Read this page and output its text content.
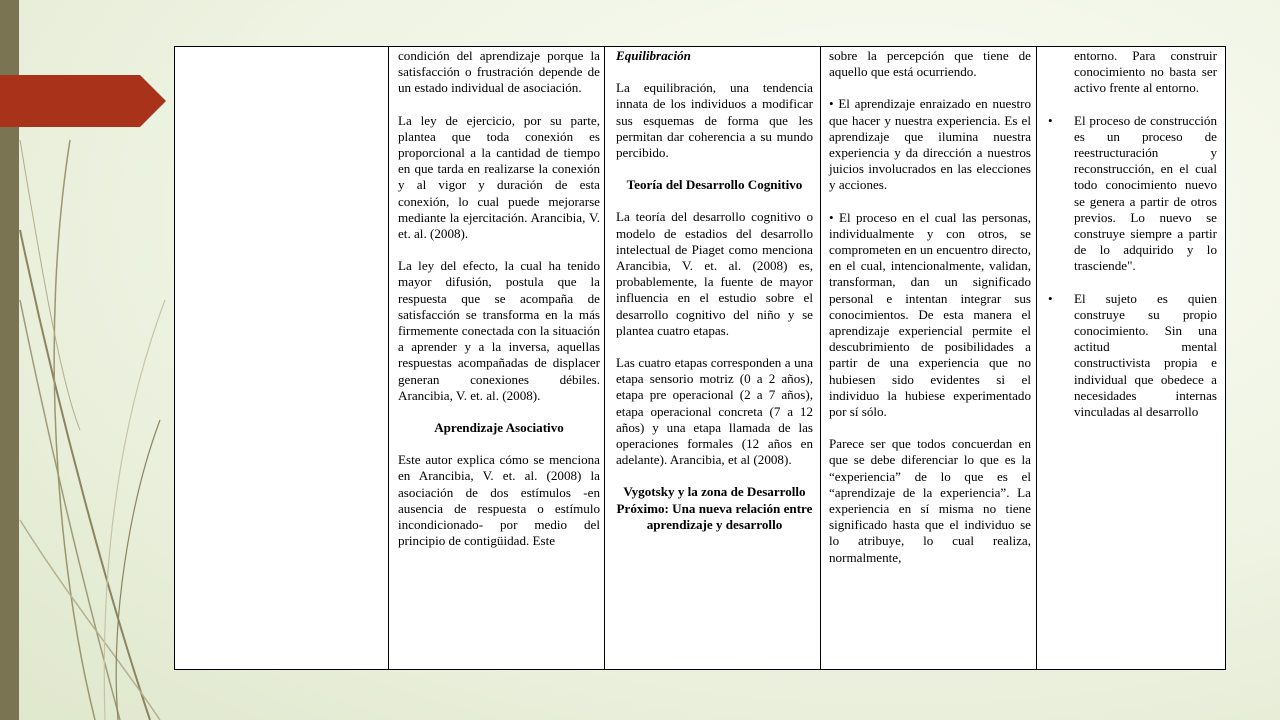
condición del aprendizaje porque la satisfacción o frustración depende de un estado individual de asociación.

La ley de ejercicio, por su parte, plantea que toda conexión es proporcional a la cantidad de tiempo en que tarda en realizarse la conexión y al vigor y duración de esta conexión, lo cual puede mejorarse mediante la ejercitación. Arancibia, V. et. al. (2008).

La ley del efecto, la cual ha tenido mayor difusión, postula que la respuesta que se acompaña de satisfacción se transforma en la más firmemente conectada con la situación a aprender y a la inversa, aquellas respuestas acompañadas de displacer generan conexiones débiles. Arancibia, V. et. al. (2008).

Aprendizaje Asociativo

Este autor explica cómo se menciona en Arancibia, V. et. al. (2008) la asociación de dos estímulos -en ausencia de respuesta o estímulo incondicionado- por medio del principio de contigüidad. Este

Equilibración

La equilibración, una tendencia innata de los individuos a modificar sus esquemas de forma que les permitan dar coherencia a su mundo percibido.

Teoría del Desarrollo Cognitivo

La teoría del desarrollo cognitivo o modelo de estadios del desarrollo intelectual de Piaget como menciona Arancibia, V. et. al. (2008) es, probablemente, la fuente de mayor influencia en el estudio sobre el desarrollo cognitivo del niño y se plantea cuatro etapas.

Las cuatro etapas corresponden a una etapa sensorio motriz (0 a 2 años), etapa pre operacional (2 a 7 años), etapa operacional concreta (7 a 12 años) y una etapa llamada de las operaciones formales (12 años en adelante). Arancibia, et al (2008).

Vygotsky y la zona de Desarrollo Próximo: Una nueva relación entre aprendizaje y desarrollo

sobre la percepción que tiene de aquello que está ocurriendo.

• El aprendizaje enraizado en nuestro que hacer y nuestra experiencia. Es el aprendizaje que ilumina nuestra experiencia y da dirección a nuestros juicios involucrados en las elecciones y acciones.

• El proceso en el cual las personas, individualmente y con otros, se comprometen en un encuentro directo, en el cual, intencionalmente, validan, transforman, dan un significado personal e intentan integrar sus conocimientos. De esta manera el aprendizaje experiencial permite el descubrimiento de posibilidades a partir de una experiencia que no hubiesen sido evidentes si el individuo la hubiese experimentado por sí sólo.

Parece ser que todos concuerdan en que se debe diferenciar lo que es la “experiencia” de lo que es el “aprendizaje de la experiencia”. La experiencia en sí misma no tiene significado hasta que el individuo se lo atribuye, lo cual realiza, normalmente,

entorno. Para construir conocimiento no basta ser activo frente al entorno.
• El proceso de construcción es un proceso de reestructuración y reconstrucción, en el cual todo conocimiento nuevo se genera a partir de otros previos. Lo nuevo se construye siempre a partir de lo adquirido y lo trasciende".
• El sujeto es quien construye su propio conocimiento. Sin una actitud mental constructivista propia e individual que obedece a necesidades internas vinculadas al desarrollo
